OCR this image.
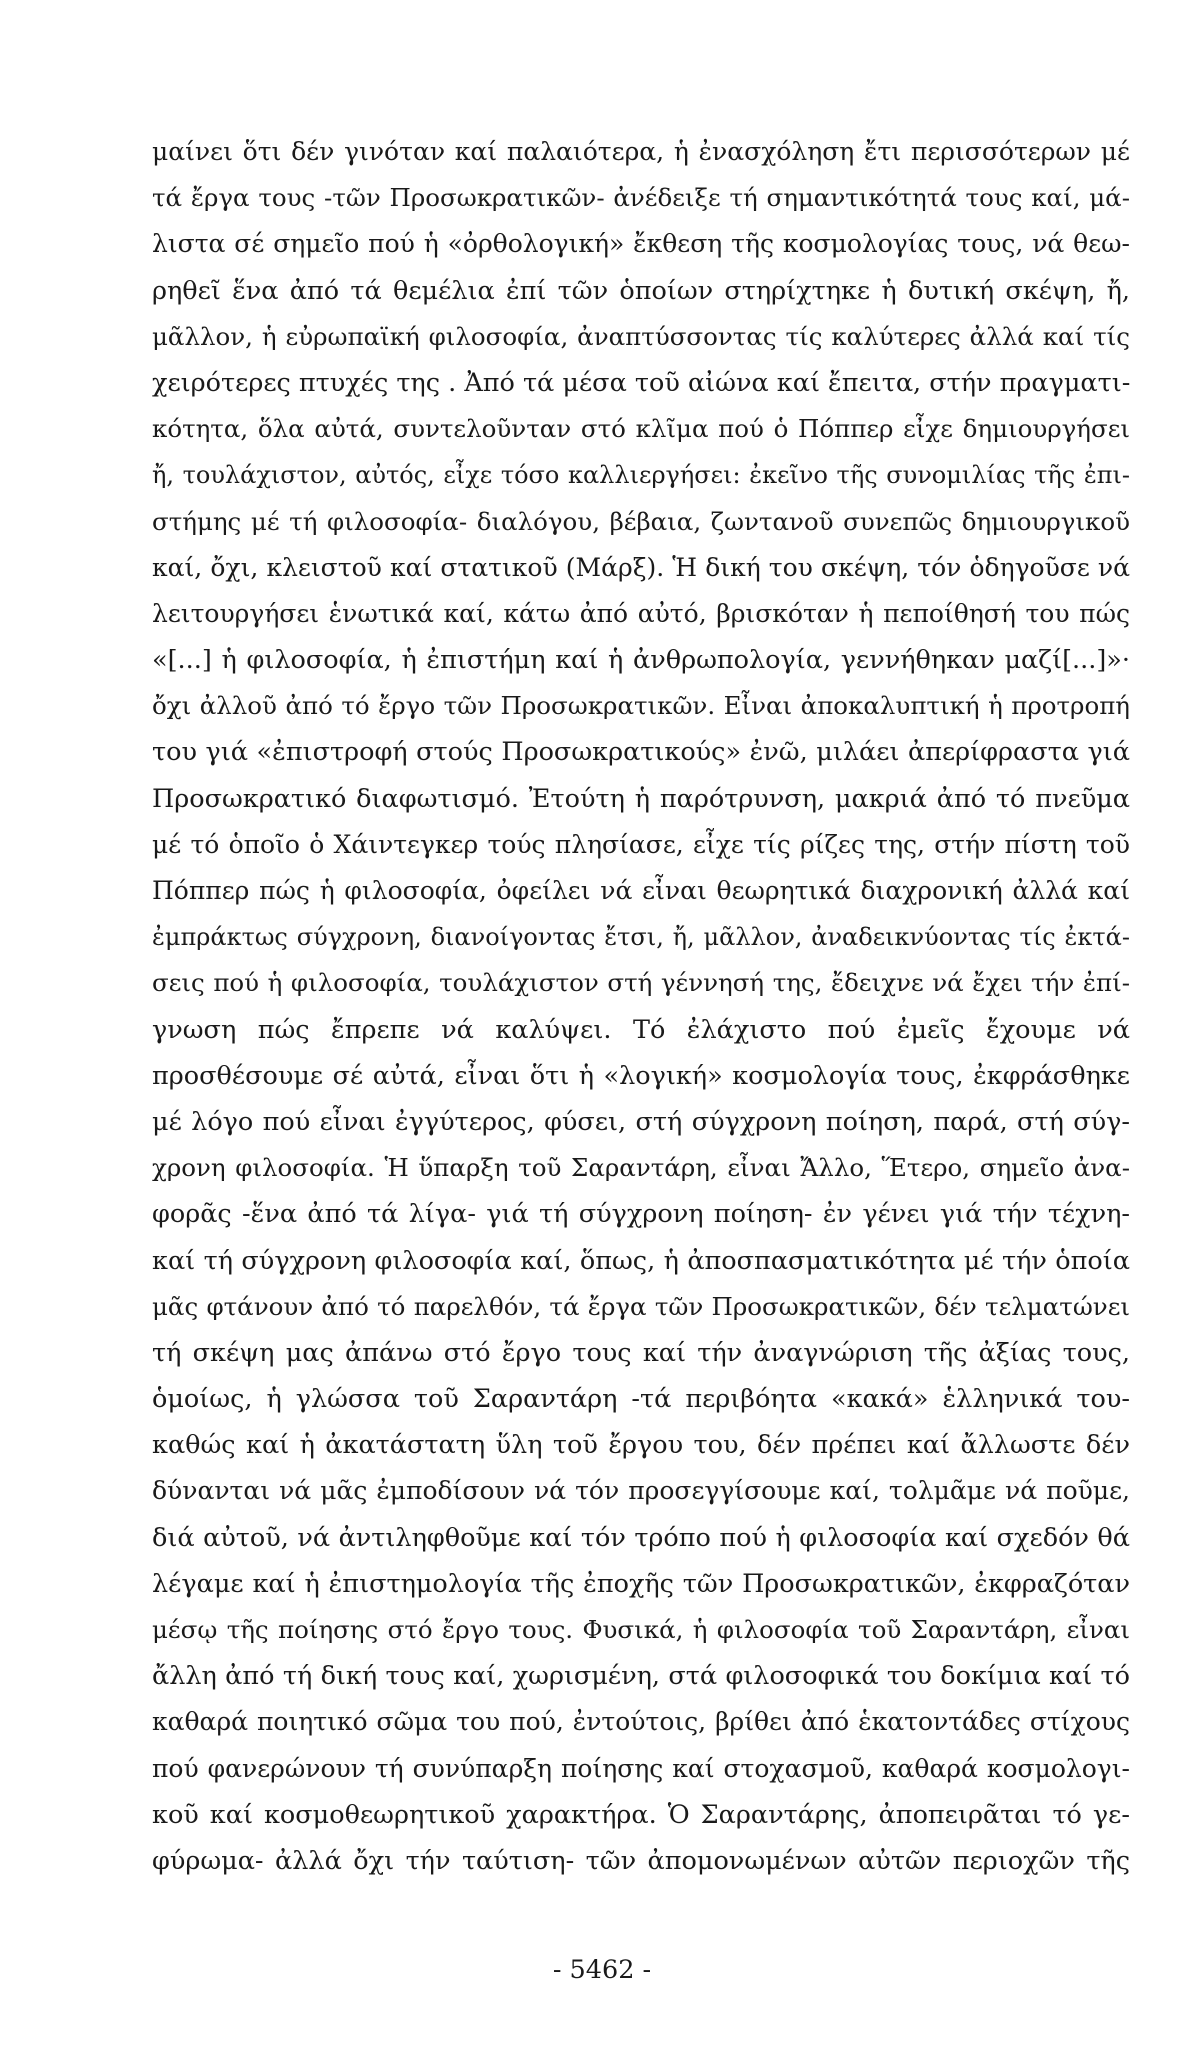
μαίνει ὅτι δέν γινόταν καί παλαιότερα, ἡ ἐνασχόληση ἔτι περισσότερων μέ
τά ἔργα τους -τῶν Προσωκρατικῶν- ἀνέδειξε τή σημαντικότητά τους καί, μά-
λιστα σέ σημεῖο πού ἡ «ὀρθολογική» ἔκθεση τῆς κοσμολογίας τους, νά θεω-
ρηθεῖ ἕνα ἀπό τά θεμέλια ἐπί τῶν ὁποίων στηρίχτηκε ἡ δυτική σκέψη, ἤ,
μᾶλλον, ἡ εὐρωπαϊκή φιλοσοφία, ἀναπτύσσοντας τίς καλύτερες ἀλλά καί τίς
χειρότερες πτυχές της . Ἀπό τά μέσα τοῦ αἰώνα καί ἔπειτα, στήν πραγματι-
κότητα, ὅλα αὐτά, συντελοῦνταν στό κλῖμα πού ὁ Πόππερ εἶχε δημιουργήσει
ἤ, τουλάχιστον, αὐτός, εἶχε τόσο καλλιεργήσει: ἐκεῖνο τῆς συνομιλίας τῆς ἐπι-
στήμης μέ τή φιλοσοφία- διαλόγου, βέβαια, ζωντανοῦ συνεπῶς δημιουργικοῦ
καί, ὄχι, κλειστοῦ καί στατικοῦ (Μάρξ). Ἡ δική του σκέψη, τόν ὁδηγοῦσε νά
λειτουργήσει ἑνωτικά καί, κάτω ἀπό αὐτό, βρισκόταν ἡ πεποίθησή του πώς
«[...] ἡ φιλοσοφία, ἡ ἐπιστήμη καί ἡ ἀνθρωπολογία, γεννήθηκαν μαζί[...]»·
ὄχι ἀλλοῦ ἀπό τό ἔργο τῶν Προσωκρατικῶν. Εἶναι ἀποκαλυπτική ἡ προτροπή
του γιά «ἐπιστροφή στούς Προσωκρατικούς» ἐνῶ, μιλάει ἀπερίφραστα γιά
Προσωκρατικό διαφωτισμό. Ἐτούτη ἡ παρότρυνση, μακριά ἀπό τό πνεῦμα
μέ τό ὁποῖο ὁ Χάιντεγκερ τούς πλησίασε, εἶχε τίς ρίζες της, στήν πίστη τοῦ
Πόππερ πώς ἡ φιλοσοφία, ὀφείλει νά εἶναι θεωρητικά διαχρονική ἀλλά καί
ἐμπράκτως σύγχρονη, διανοίγοντας ἔτσι, ἤ, μᾶλλον, ἀναδεικνύοντας τίς ἐκτά-
σεις πού ἡ φιλοσοφία, τουλάχιστον στή γέννησή της, ἔδειχνε νά ἔχει τήν ἐπί-
γνωση πώς ἔπρεπε νά καλύψει. Τό ἐλάχιστο πού ἐμεῖς ἔχουμε νά
προσθέσουμε σέ αὐτά, εἶναι ὅτι ἡ «λογική» κοσμολογία τους, ἐκφράσθηκε
μέ λόγο πού εἶναι ἐγγύτερος, φύσει, στή σύγχρονη ποίηση, παρά, στή σύγ-
χρονη φιλοσοφία. Ἡ ὕπαρξη τοῦ Σαραντάρη, εἶναι Ἄλλο, Ἕτερο, σημεῖο ἀνα-
φορᾶς -ἕνα ἀπό τά λίγα- γιά τή σύγχρονη ποίηση- ἐν γένει γιά τήν τέχνη-
καί τή σύγχρονη φιλοσοφία καί, ὅπως, ἡ ἀποσπασματικότητα μέ τήν ὁποία
μᾶς φτάνουν ἀπό τό παρελθόν, τά ἔργα τῶν Προσωκρατικῶν, δέν τελματώνει
τή σκέψη μας ἀπάνω στό ἔργο τους καί τήν ἀναγνώριση τῆς ἀξίας τους,
ὁμοίως, ἡ γλώσσα τοῦ Σαραντάρη -τά περιβόητα «κακά» ἑλληνικά του-
καθώς καί ἡ ἀκατάστατη ὕλη τοῦ ἔργου του, δέν πρέπει καί ἄλλωστε δέν
δύνανται νά μᾶς ἐμποδίσουν νά τόν προσεγγίσουμε καί, τολμᾶμε νά ποῦμε,
διά αὐτοῦ, νά ἀντιληφθοῦμε καί τόν τρόπο πού ἡ φιλοσοφία καί σχεδόν θά
λέγαμε καί ἡ ἐπιστημολογία τῆς ἐποχῆς τῶν Προσωκρατικῶν, ἐκφραζόταν
μέσῳ τῆς ποίησης στό ἔργο τους. Φυσικά, ἡ φιλοσοφία τοῦ Σαραντάρη, εἶναι
ἄλλη ἀπό τή δική τους καί, χωρισμένη, στά φιλοσοφικά του δοκίμια καί τό
καθαρά ποιητικό σῶμα του πού, ἐντούτοις, βρίθει ἀπό ἑκατοντάδες στίχους
πού φανερώνουν τή συνύπαρξη ποίησης καί στοχασμοῦ, καθαρά κοσμολογι-
κοῦ καί κοσμοθεωρητικοῦ χαρακτήρα. Ὁ Σαραντάρης, ἀποπειρᾶται τό γε-
φύρωμα- ἀλλά ὄχι τήν ταύτιση- τῶν ἀπομονωμένων αὐτῶν περιοχῶν τῆς
- 5462 -
